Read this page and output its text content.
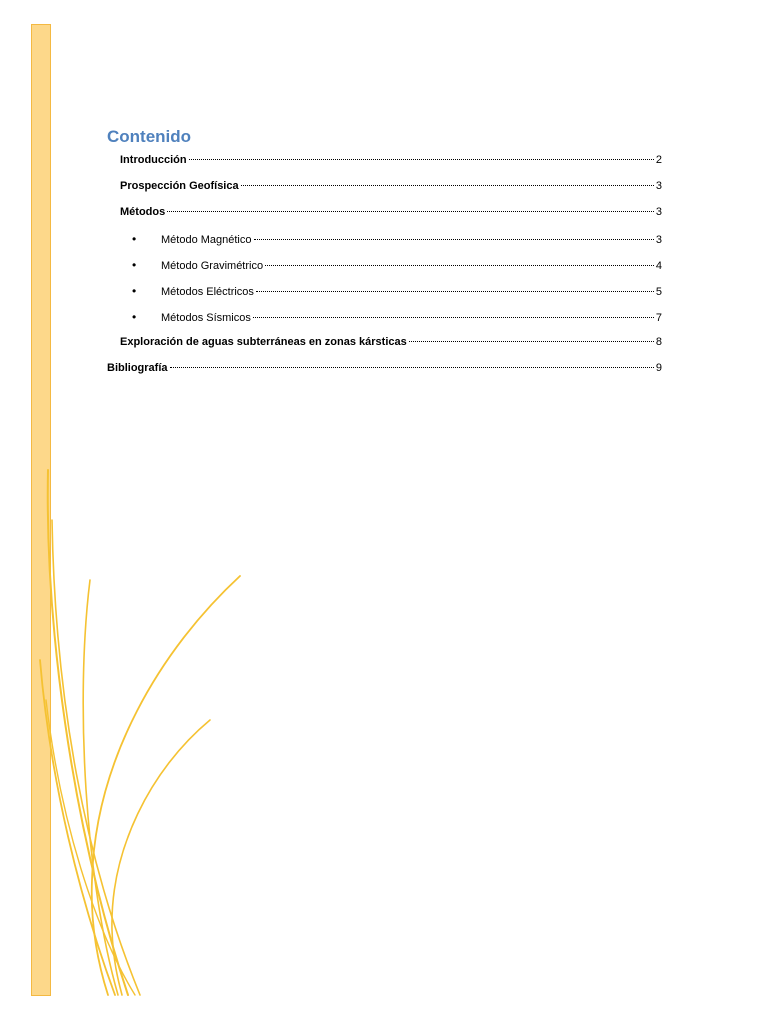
Contenido
Introducción	2
Prospección Geofísica	3
Métodos	3
•	Método Magnético	3
•	Método Gravimétrico	4
•	Métodos Eléctricos	5
•	Métodos Sísmicos	7
Exploración de aguas subterráneas en zonas kársticas	8
Bibliografía	9
